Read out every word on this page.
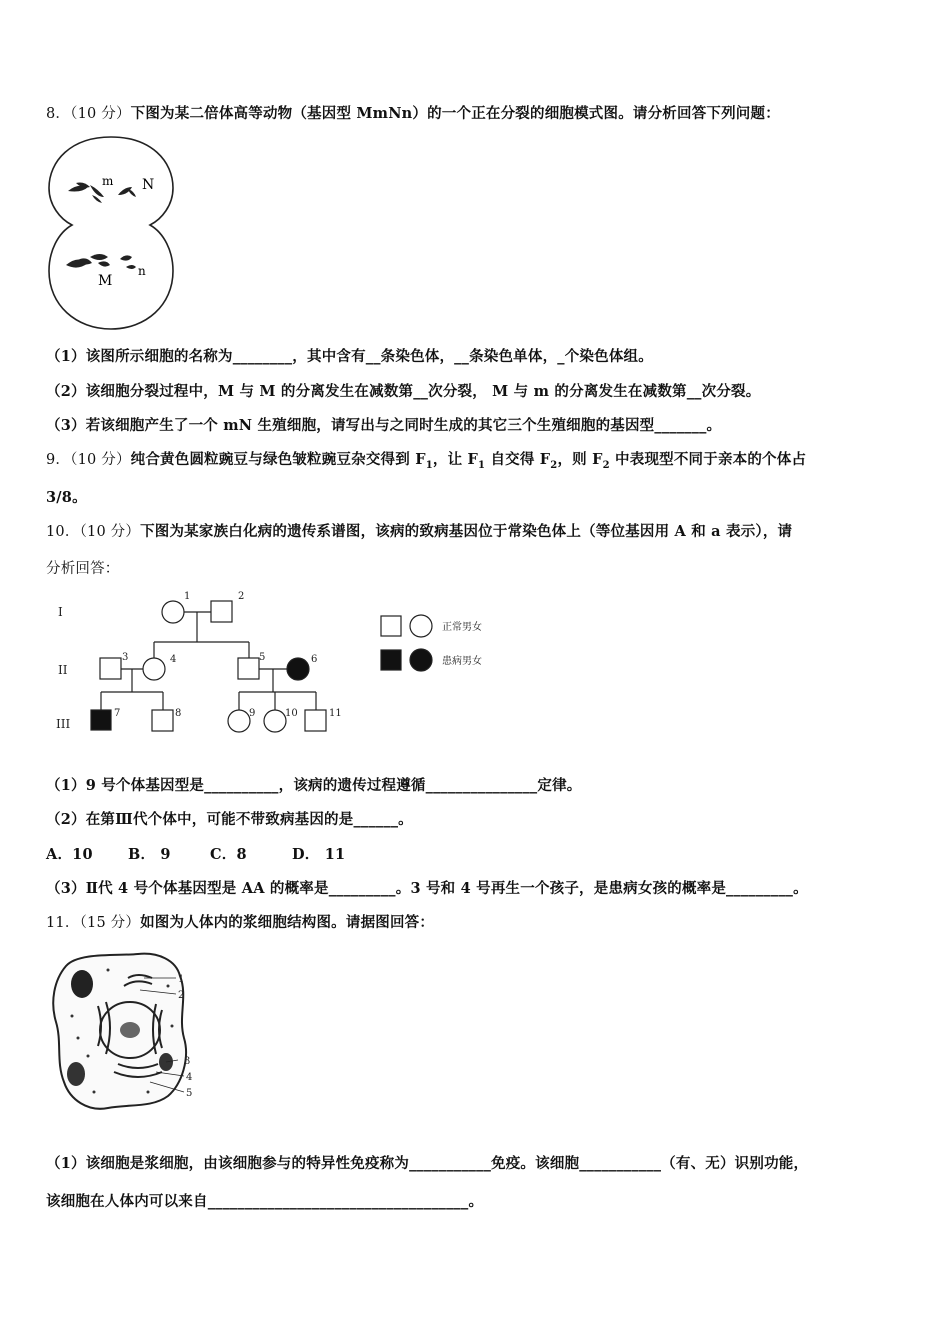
8．（10 分）下图为某二倍体高等动物（基因型 MmNn）的一个正在分裂的细胞模式图。请分析回答下列问题：
m N
M
n
（1）该图所示细胞的名称为________，其中含有__条染色体，__条染色单体，_个染色体组。
（2）该细胞分裂过程中，M 与 M 的分离发生在减数第__次分裂， M 与 m 的分离发生在减数第__次分裂。
（3）若该细胞产生了一个 mN 生殖细胞，请写出与之同时生成的其它三个生殖细胞的基因型_______。
9．（10 分）纯合黄色圆粒豌豆与绿色皱粒豌豆杂交得到 $F_1$，让 $F_1$ 自交得 $F_2$，则 $F_2$ 中表现型不同于亲本的个体占
3/8。
10．（10 分）下图为某家族白化病的遗传系谱图，该病的致病基因位于常染色体上（等位基因用 A 和 a 表示），请
分析回答：
I
II
III
1	2
3	4	5	6
7	8	9	10	11
正常男女
患病男女
（1）9 号个体基因型是__________，该病的遗传过程遵循_______________定律。
（2）在第Ⅲ代个体中，可能不带致病基因的是______。
A．10 B． 9	C．8	D． 11
（3）Ⅱ代 4 号个体基因型是 AA 的概率是_________。3 号和 4 号再生一个孩子，是患病女孩的概率是_________。
11．（15 分）如图为人体内的浆细胞结构图。请据图回答：
1
2
3
4
5
（1）该细胞是浆细胞，由该细胞参与的特异性免疫称为___________免疫。该细胞___________（有、无）识别功能，
该细胞在人体内可以来自___________________________________。
